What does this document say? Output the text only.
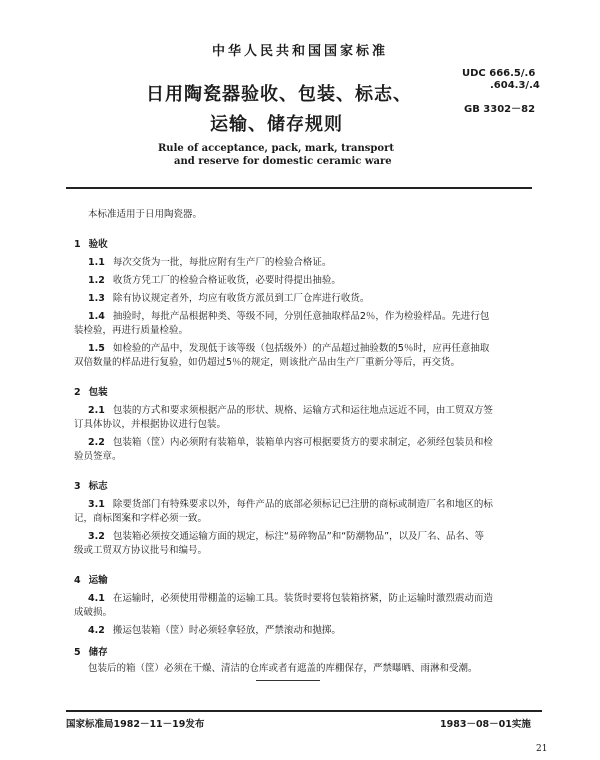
中华人民共和国国家标准
日用陶瓷器验收、包装、标志、
运输、储存规则
UDC 666.5/.6
.604.3/.4
GB 3302－82
Rule of acceptance, pack, mark, transport
and reserve for domestic ceramic ware
本标准适用于日用陶瓷器。
1 验收
1.1 每次交货为一批，每批应附有生产厂的检验合格证。
1.2 收货方凭工厂的检验合格证收货，必要时得提出抽验。
1.3 除有协议规定者外，均应有收货方派员到工厂仓库进行收货。
1.4 抽验时，每批产品根据种类、等级不同，分别任意抽取样品2％，作为检验样品。先进行包
装检验，再进行质量检验。
1.5 如检验的产品中，发现低于该等级（包括级外）的产品超过抽验数的5％时，应再任意抽取
双倍数量的样品进行复验，如仍超过5％的规定，则该批产品由生产厂重新分等后，再交货。
2 包装
2.1 包装的方式和要求须根据产品的形状、规格、运输方式和运往地点远近不同，由工贸双方签
订具体协议，并根据协议进行包装。
2.2 包装箱（筐）内必须附有装箱单，装箱单内容可根据要货方的要求制定，必须经包装员和检
验员签章。
3 标志
3.1 除要货部门有特殊要求以外，每件产品的底部必须标记已注册的商标或制造厂名和地区的标
记，商标图案和字样必须一致。
3.2 包装箱必须按交通运输方面的规定，标注“易碎物品”和“防潮物品”，以及厂名、品名、等
级或工贸双方协议批号和编号。
4 运输
4.1 在运输时，必须使用带棚盖的运输工具。装货时要将包装箱挤紧，防止运输时激烈震动而造
成破损。
4.2 搬运包装箱（筐）时必须轻拿轻放，严禁滚动和抛掷。
5 储存
包装后的箱（筐）必须在干燥、清洁的仓库或者有遮盖的库棚保存，严禁曝晒、雨淋和受潮。
国家标准局1982－11－19发布	1983－08－01实施
21
